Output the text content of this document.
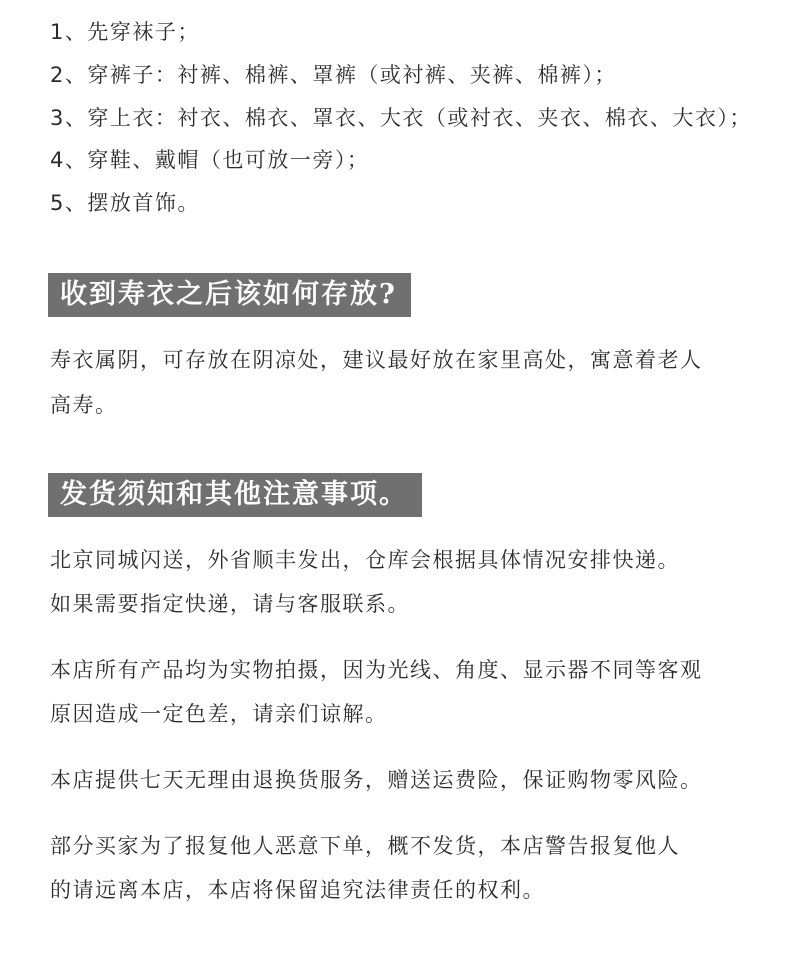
1、先穿袜子；
2、穿裤子：衬裤、棉裤、罩裤（或衬裤、夹裤、棉裤）；
3、穿上衣：衬衣、棉衣、罩衣、大衣（或衬衣、夹衣、棉衣、大衣）；
4、穿鞋、戴帽（也可放一旁）；
5、摆放首饰。
收到寿衣之后该如何存放?
寿衣属阴，可存放在阴凉处，建议最好放在家里高处，寓意着老人
高寿。
发货须知和其他注意事项。
北京同城闪送，外省顺丰发出，仓库会根据具体情况安排快递。
如果需要指定快递，请与客服联系。
本店所有产品均为实物拍摄，因为光线、角度、显示器不同等客观
原因造成一定色差，请亲们谅解。
本店提供七天无理由退换货服务，赠送运费险，保证购物零风险。
部分买家为了报复他人恶意下单，概不发货，本店警告报复他人
的请远离本店，本店将保留追究法律责任的权利。
